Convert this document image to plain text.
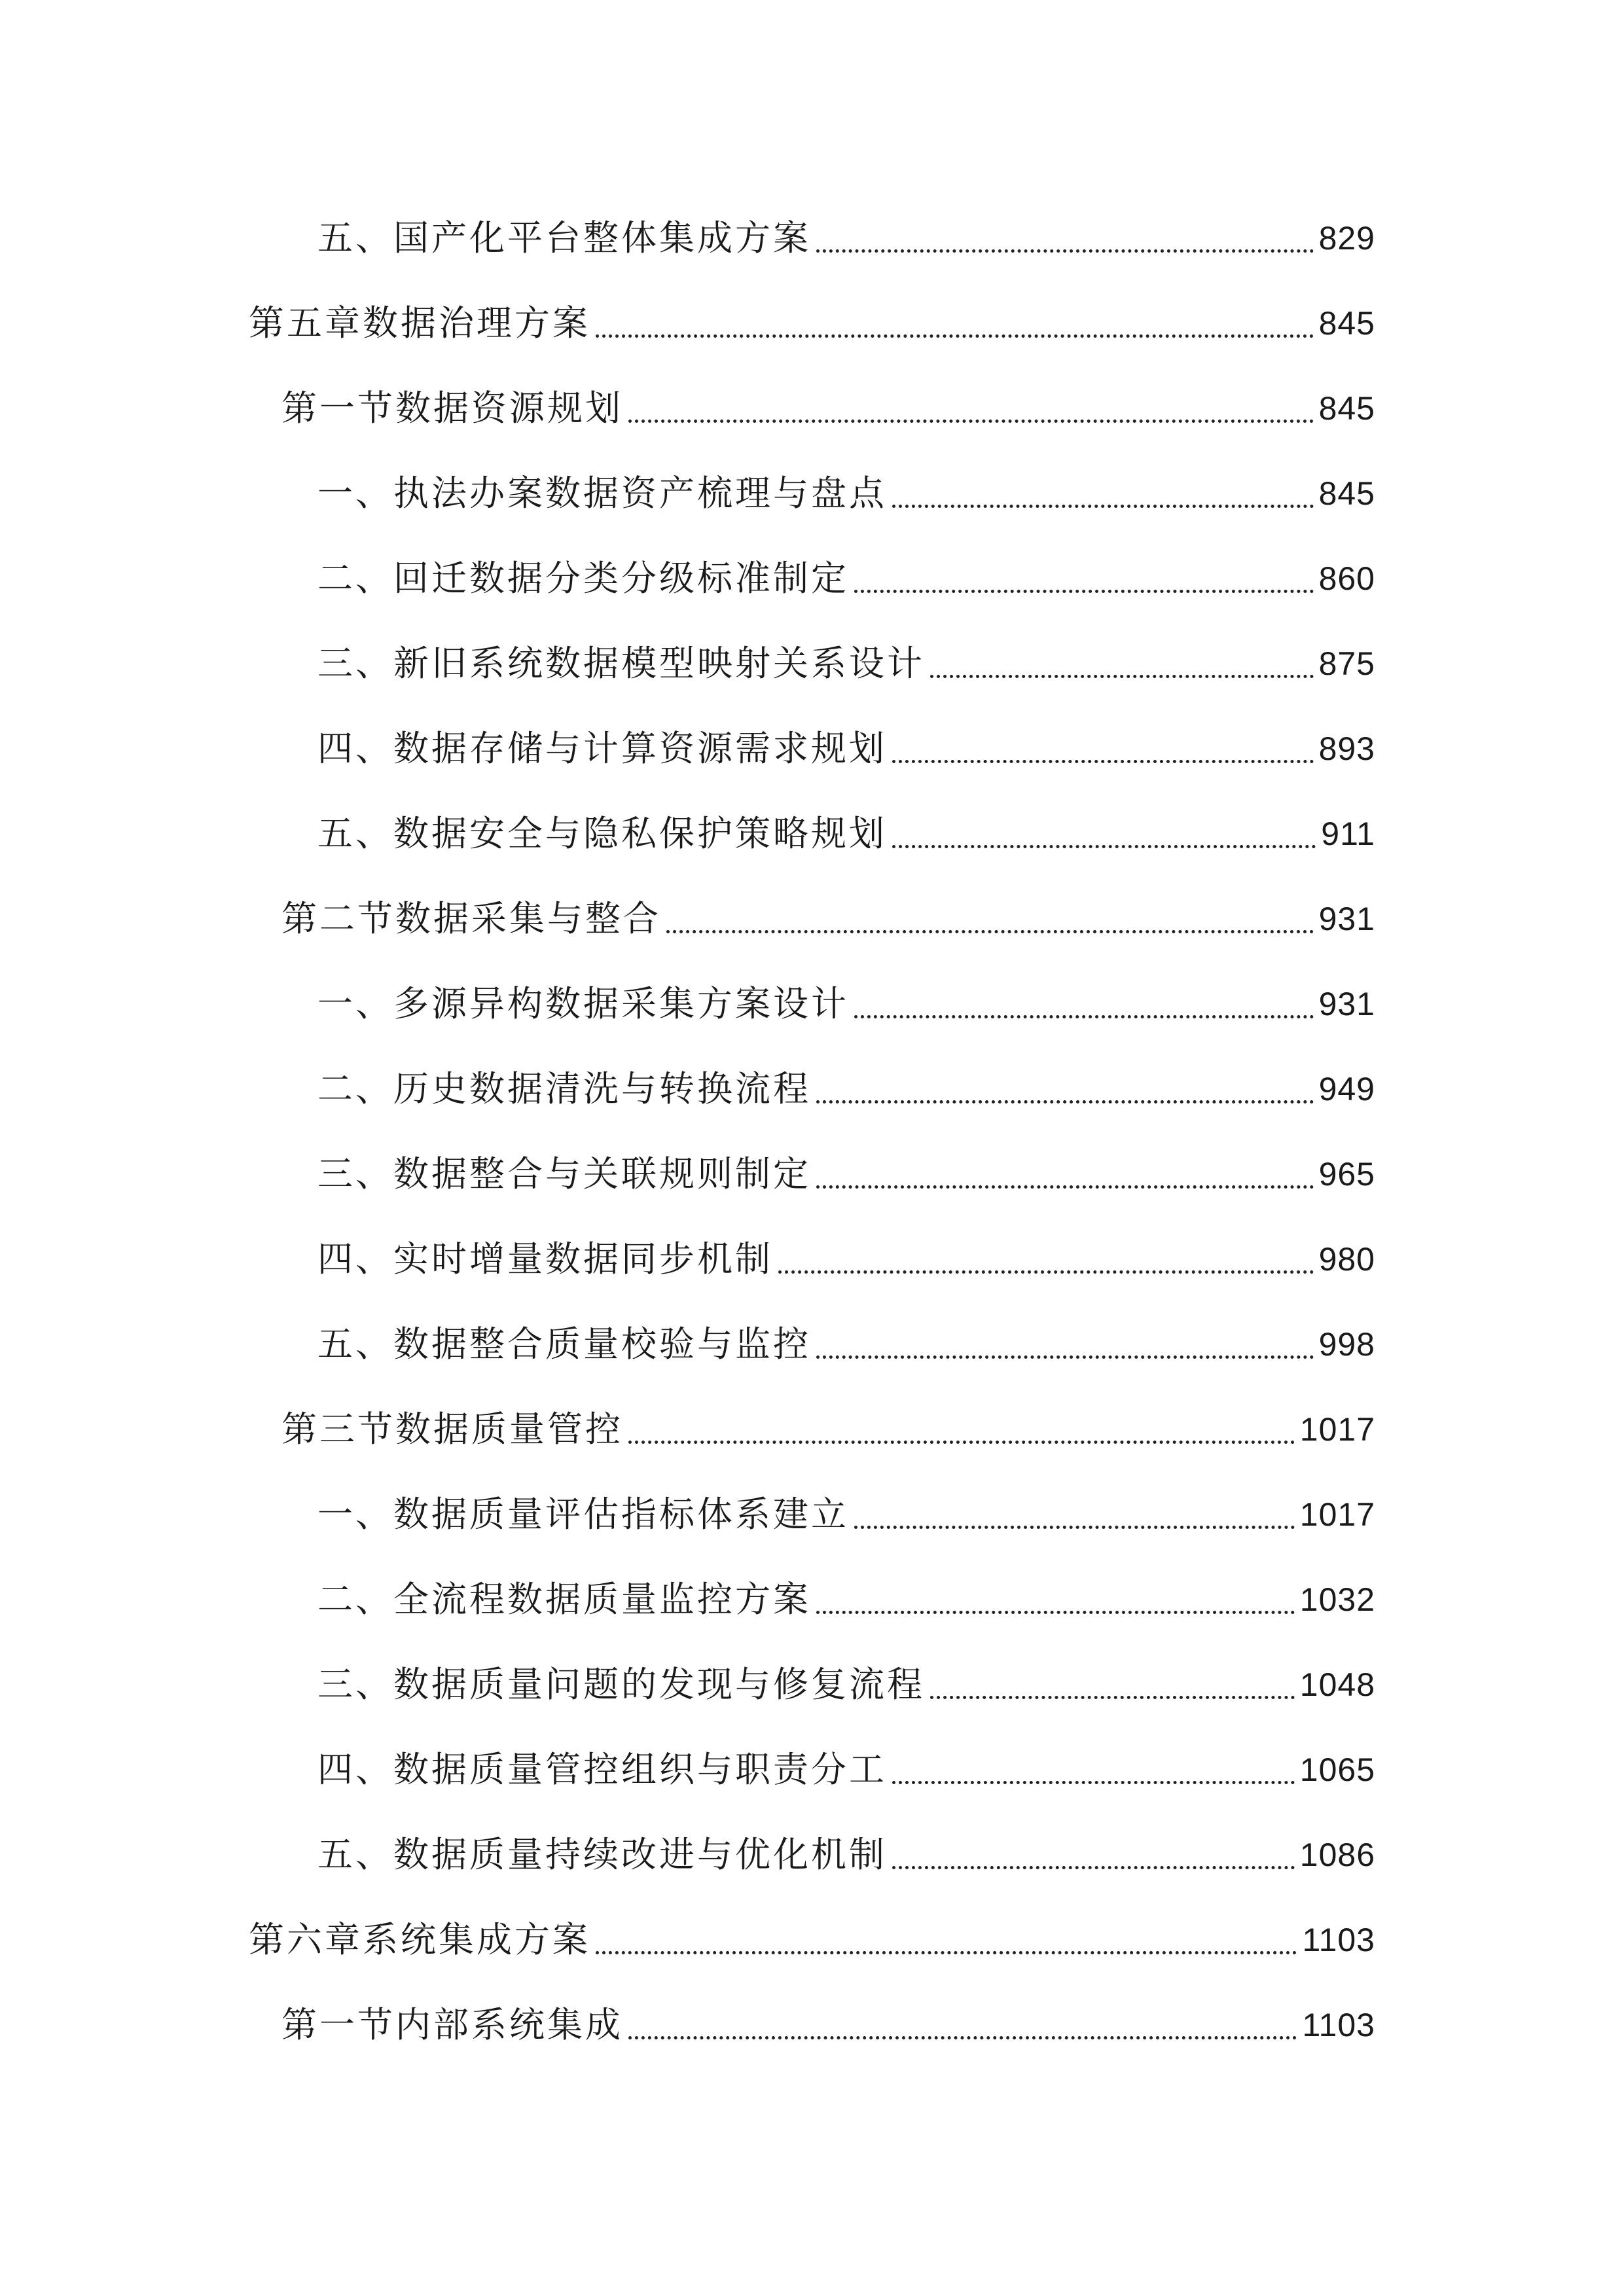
五、国产化平台整体集成方案	829
第五章数据治理方案	845
第一节数据资源规划	845
一、执法办案数据资产梳理与盘点	845
二、回迁数据分类分级标准制定	860
三、新旧系统数据模型映射关系设计	875
四、数据存储与计算资源需求规划	893
五、数据安全与隐私保护策略规划	911
第二节数据采集与整合	931
一、多源异构数据采集方案设计	931
二、历史数据清洗与转换流程	949
三、数据整合与关联规则制定	965
四、实时增量数据同步机制	980
五、数据整合质量校验与监控	998
第三节数据质量管控	1017
一、数据质量评估指标体系建立	1017
二、全流程数据质量监控方案	1032
三、数据质量问题的发现与修复流程	1048
四、数据质量管控组织与职责分工	1065
五、数据质量持续改进与优化机制	1086
第六章系统集成方案	1103
第一节内部系统集成	1103
